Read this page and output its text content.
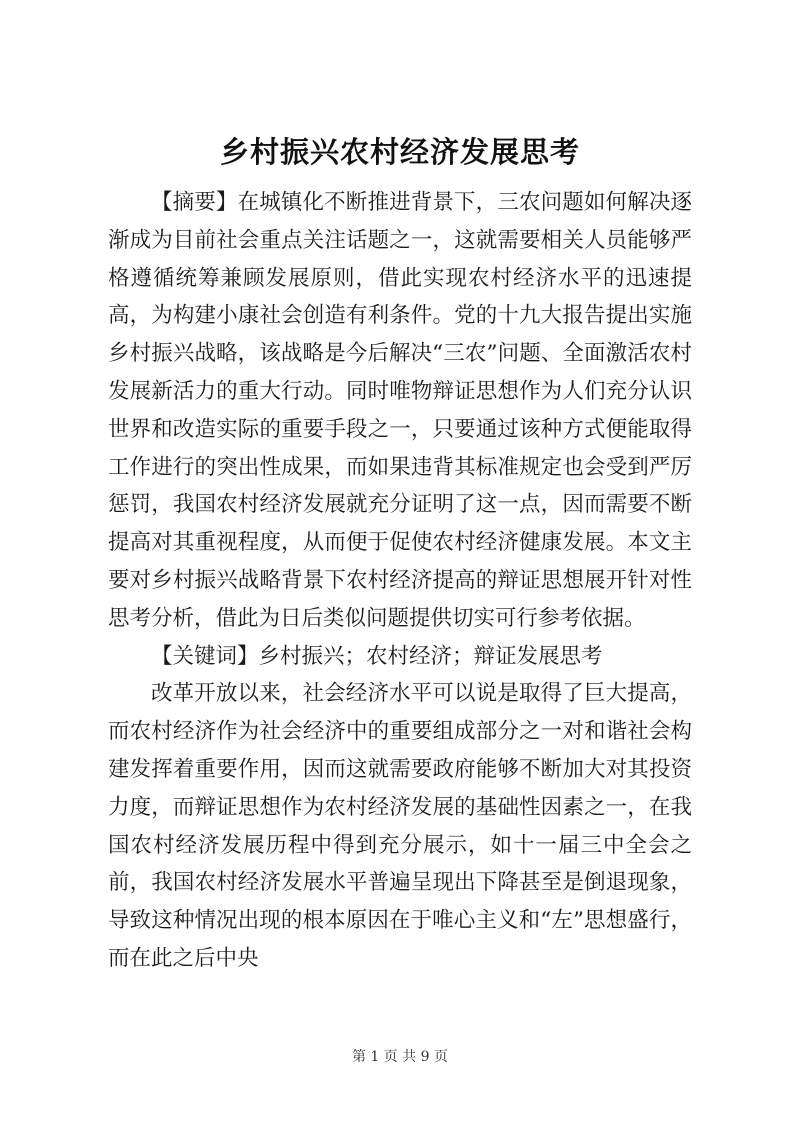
乡村振兴农村经济发展思考

【摘要】在城镇化不断推进背景下，三农问题如何解决逐渐成为目前社会重点关注话题之一，这就需要相关人员能够严格遵循统筹兼顾发展原则，借此实现农村经济水平的迅速提高，为构建小康社会创造有利条件。党的十九大报告提出实施乡村振兴战略，该战略是今后解决“三农”问题、全面激活农村发展新活力的重大行动。同时唯物辩证思想作为人们充分认识世界和改造实际的重要手段之一，只要通过该种方式便能取得工作进行的突出性成果，而如果违背其标准规定也会受到严厉惩罚，我国农村经济发展就充分证明了这一点，因而需要不断提高对其重视程度，从而便于促使农村经济健康发展。本文主要对乡村振兴战略背景下农村经济提高的辩证思想展开针对性思考分析，借此为日后类似问题提供切实可行参考依据。

【关键词】乡村振兴；农村经济；辩证发展思考

改革开放以来，社会经济水平可以说是取得了巨大提高，而农村经济作为社会经济中的重要组成部分之一对和谐社会构建发挥着重要作用，因而这就需要政府能够不断加大对其投资力度，而辩证思想作为农村经济发展的基础性因素之一，在我国农村经济发展历程中得到充分展示，如十一届三中全会之前，我国农村经济发展水平普遍呈现出下降甚至是倒退现象，导致这种情况出现的根本原因在于唯心主义和“左”思想盛行，而在此之后中央

第 1 页 共 9 页
